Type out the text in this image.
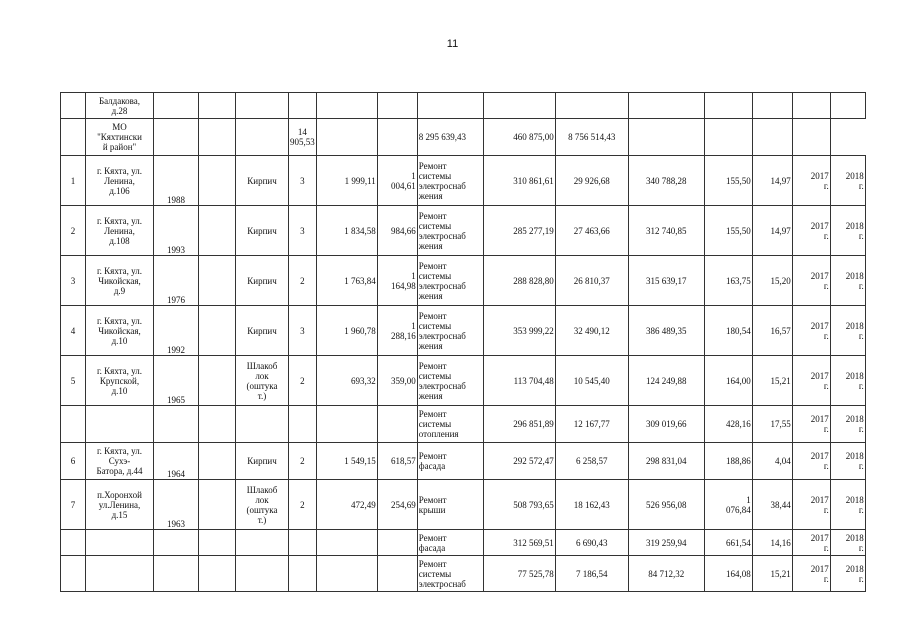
11
	Балдакова,
д.28														
	МО
"Кяхтински
й район"				14 905,53			8 295 639,43	460 875,00	8 756 514,43					
1	г. Кяхта, ул.
Ленина,
д.106	1988		Кирпич	3	1 999,11	1
004,61	Ремонт
системы
электроснаб
жения	310 861,61	29 926,68	340 788,28	155,50	14,97	2017
г.	2018
г.
2	г. Кяхта, ул.
Ленина,
д.108	1993		Кирпич	3	1 834,58	984,66	Ремонт
системы
электроснаб
жения	285 277,19	27 463,66	312 740,85	155,50	14,97	2017
г.	2018
г.
3	г. Кяхта, ул.
Чикойская,
д.9	1976		Кирпич	2	1 763,84	1
164,98	Ремонт
системы
электроснаб
жения	288 828,80	26 810,37	315 639,17	163,75	15,20	2017
г.	2018
г.
4	г. Кяхта, ул.
Чикойская,
д.10	1992		Кирпич	3	1 960,78	1
288,16	Ремонт
системы
электроснаб
жения	353 999,22	32 490,12	386 489,35	180,54	16,57	2017
г.	2018
г.
5	г. Кяхта, ул.
Крупской,
д.10	1965		Шлакоб
лок
(оштука
т.)	2	693,32	359,00	Ремонт
системы
электроснаб
жения	113 704,48	10 545,40	124 249,88	164,00	15,21	2017
г.	2018
г.
								Ремонт
системы
отопления	296 851,89	12 167,77	309 019,66	428,16	17,55	2017
г.	2018
г.
6	г. Кяхта, ул.
Сухэ-
Батора, д.44	1964		Кирпич	2	1 549,15	618,57	Ремонт
фасада	292 572,47	6 258,57	298 831,04	188,86	4,04	2017
г.	2018
г.
7	п.Хоронхой
ул.Ленина,
д.15	1963		Шлакоб
лок
(оштука
т.)	2	472,49	254,69	Ремонт
крыши	508 793,65	18 162,43	526 956,08	1
076,84	38,44	2017
г.	2018
г.
								Ремонт
фасада	312 569,51	6 690,43	319 259,94	661,54	14,16	2017
г.	2018
г.
								Ремонт
системы
электроснаб	77 525,78	7 186,54	84 712,32	164,08	15,21	2017
г.	2018
г.
